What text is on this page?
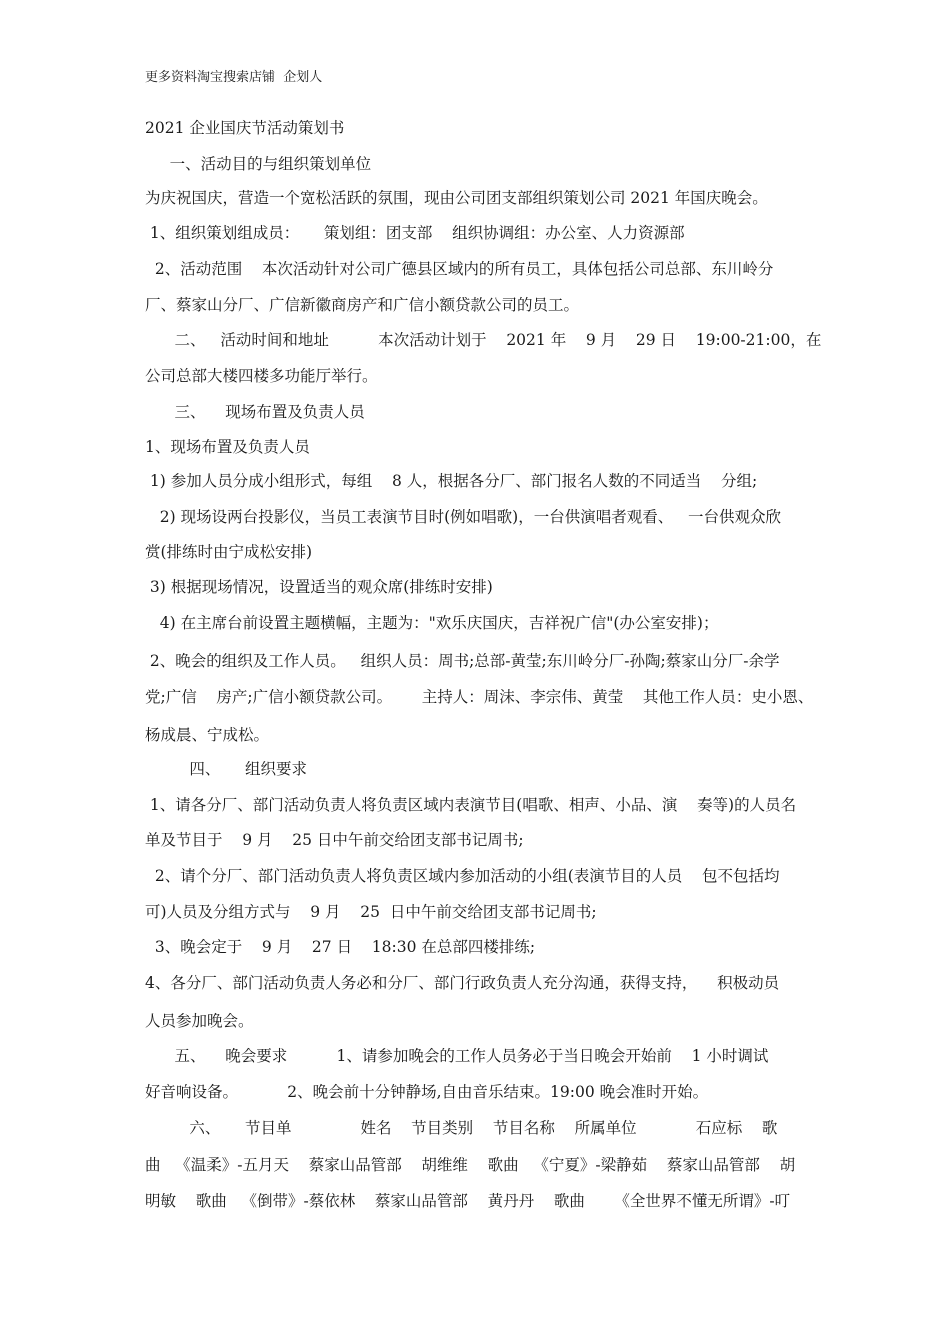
更多资料淘宝搜索店铺  企划人
2021 企业国庆节活动策划书
一、活动目的与组织策划单位
为庆祝国庆，营造一个宽松活跃的氛围，现由公司团支部组织策划公司 2021 年国庆晚会。
1、组织策划组成员：     策划组：团支部    组织协调组：办公室、人力资源部
2、活动范围    本次活动针对公司广德县区域内的所有员工，具体包括公司总部、东川岭分
厂、蔡家山分厂、广信新徽商房产和广信小额贷款公司的员工。
二、   活动时间和地址          本次活动计划于    2021 年    9 月    29 日    19:00-21:00，在
公司总部大楼四楼多功能厅举行。
三、    现场布置及负责人员
1、现场布置及负责人员
1) 参加人员分成小组形式，每组    8 人，根据各分厂、部门报名人数的不同适当    分组;
2) 现场设两台投影仪，当员工表演节目时(例如唱歌)，一台供演唱者观看、   一台供观众欣
赏(排练时由宁成松安排)
3) 根据现场情况，设置适当的观众席(排练时安排)
4) 在主席台前设置主题横幅，主题为："欢乐庆国庆，吉祥祝广信"(办公室安排)；
2、晚会的组织及工作人员。   组织人员：周书;总部-黄莹;东川岭分厂-孙陶;蔡家山分厂-余学
党;广信    房产;广信小额贷款公司。      主持人：周沫、李宗伟、黄莹    其他工作人员：史小恩、
杨成晨、宁成松。
四、     组织要求
1、请各分厂、部门活动负责人将负责区域内表演节目(唱歌、相声、小品、演    奏等)的人员名
单及节目于    9 月    25 日中午前交给团支部书记周书;
2、请个分厂、部门活动负责人将负责区域内参加活动的小组(表演节目的人员    包不包括均
可)人员及分组方式与    9 月    25  日中午前交给团支部书记周书;
3、晚会定于    9 月    27 日    18:30 在总部四楼排练;
4、各分厂、部门活动负责人务必和分厂、部门行政负责人充分沟通，获得支持，    积极动员
人员参加晚会。
五、    晚会要求          1、请参加晚会的工作人员务必于当日晚会开始前    1 小时调试
好音响设备。          2、晚会前十分钟静场,自由音乐结束。19:00 晚会准时开始。
六、     节目单              姓名    节目类别    节目名称    所属单位            石应标    歌
曲   《温柔》-五月天    蔡家山品管部    胡维维    歌曲   《宁夏》-梁静茹    蔡家山品管部    胡
明敏    歌曲   《倒带》-蔡依林    蔡家山品管部    黄丹丹    歌曲      《全世界不懂无所谓》-叮
